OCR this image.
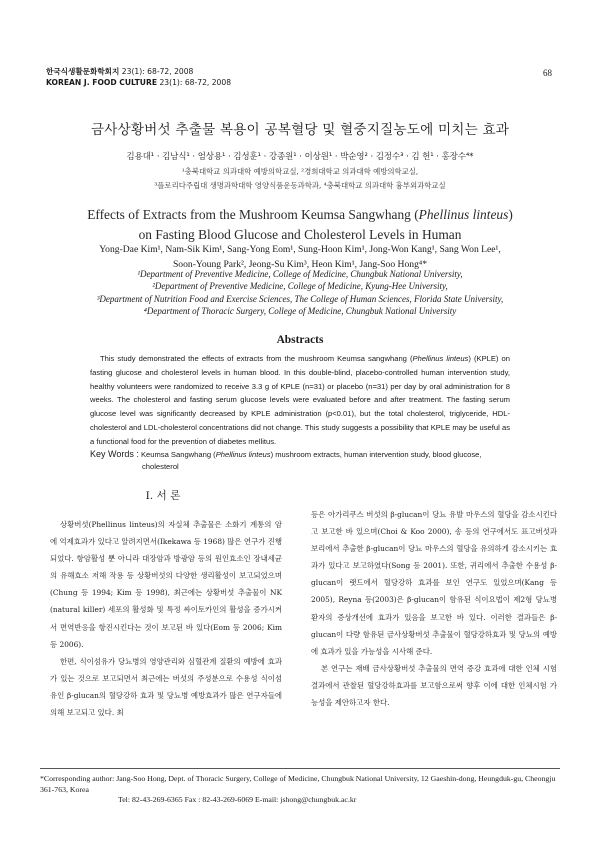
한국식생활문화학회지 23(1): 68-72, 2008
KOREAN J. FOOD CULTURE 23(1): 68-72, 2008
68
금사상황버섯 추출물 복용이 공복혈당 및 혈중지질농도에 미치는 효과
김용대¹ · 김남식¹ · 엄상용¹ · 김성훈¹ · 강종원¹ · 이상원¹ · 박순영² · 김정수³ · 김 헌¹ · 홍장수⁴*
¹충북대학교 의과대학 예방의학교실, ²경희대학교 의과대학 예방의학교실,
³플로리다주립대 생명과학대학 영양식품운동과학과, ⁴충북대학교 의과대학 흉부외과학교실
Effects of Extracts from the Mushroom Keumsa Sangwhang (Phellinus linteus)
on Fasting Blood Glucose and Cholesterol Levels in Human
Yong-Dae Kim¹, Nam-Sik Kim¹, Sang-Yong Eom¹, Sung-Hoon Kim¹, Jong-Won Kang¹, Sang Won Lee¹,
Soon-Young Park², Jeong-Su Kim³, Heon Kim¹, Jang-Soo Hong⁴*
¹Department of Preventive Medicine, College of Medicine, Chungbuk National University,
²Department of Preventive Medicine, College of Medicine, Kyung-Hee University,
³Department of Nutrition Food and Exercise Sciences, The College of Human Sciences, Florida State University,
⁴Department of Thoracic Surgery, College of Medicine, Chungbuk National University
Abstracts

This study demonstrated the effects of extracts from the mushroom Keumsa sangwhang (Phellinus linteus) (KPLE) on fasting glucose and cholesterol levels in human blood. In this double-blind, placebo-controlled human intervention study, healthy volunteers were randomized to receive 3.3 g of KPLE (n=31) or placebo (n=31) per day by oral administration for 8 weeks. The cholesterol and fasting serum glucose levels were evaluated before and after treatment. The fasting serum glucose level was significantly decreased by KPLE administration (p<0.01), but the total cholesterol, triglyceride, HDL-cholesterol and LDL-cholesterol concentrations did not change. This study suggests a possibility that KPLE may be useful as a functional food for the prevention of diabetes mellitus.

Key Words : Keumsa Sangwhang (Phellinus linteus) mushroom extracts, human intervention study, blood glucose,
cholesterol
I. 서 론

상황버섯(Phellinus linteus)의 자실체 추출물은 소화기 계통의 암에 억제효과가 있다고 알려지면서(Ikekawa 등 1968) 많은 연구가 진행되었다. 항암활성 뿐 아니라 대장암과 방광암 등의 원인효소인 장내세균의 유해효소 저해 작용 등 상황버섯의 다양한 생리활성이 보고되었으며(Chung 등 1994; Kim 등 1998), 최근에는 상황버섯 추출물이 NK (natural killer) 세포의 활성화 및 특정 싸이토카인의 활성을 증가시켜서 면역반응을 항진시킨다는 것이 보고된 바 있다(Eom 등 2006; Kim 등 2006).

한편, 식이섬유가 당뇨병의 영양관리와 심혈관계 질환의 예방에 효과가 있는 것으로 보고되면서 최근에는 버섯의 주성분으로 수용성 식이섬유인 β-glucan의 혈당강하 효과 및 당뇨병 예방효과가 많은 연구자들에 의해 보고되고 있다. 최

등은 아가리쿠스 버섯의 β-glucan이 당뇨 유발 마우스의 혈당을 감소시킨다고 보고한 바 있으며(Choi & Koo 2000), 송 등의 연구에서도 표고버섯과 보리에서 추출한 β-glucan이 당뇨 마우스의 혈당을 유의하게 감소시키는 효과가 있다고 보고하였다(Song 등 2001). 또한, 귀리에서 추출한 수용성 β-glucan이 랫드에서 혈당강하 효과를 보인 연구도 있었으며(Kang 등 2005), Reyna 등(2003)은 β-glucan이 함유된 식이요법이 제2형 당뇨병환자의 증상개선에 효과가 있음을 보고한 바 있다. 이러한 결과들은 β-glucan이 다량 함유된 금사상황버섯 추출물이 혈당강하효과 및 당뇨의 예방에 효과가 있을 가능성을 시사해 준다.

본 연구는 재배 금사상황버섯 추출물의 면역 증강 효과에 대한 인체 시험 결과에서 관찰된 혈당강하효과를 보고함으로써 향후 이에 대한 인체시험 가능성을 제안하고자 한다.

*Corresponding author: Jang-Soo Hong, Dept. of Thoracic Surgery, College of Medicine, Chungbuk National University, 12 Gaeshin-dong, Heungduk-gu, Cheongju 361-763, Korea
Tel: 82-43-269-6365 Fax : 82-43-269-6069 E-mail: jshong@chungbuk.ac.kr
